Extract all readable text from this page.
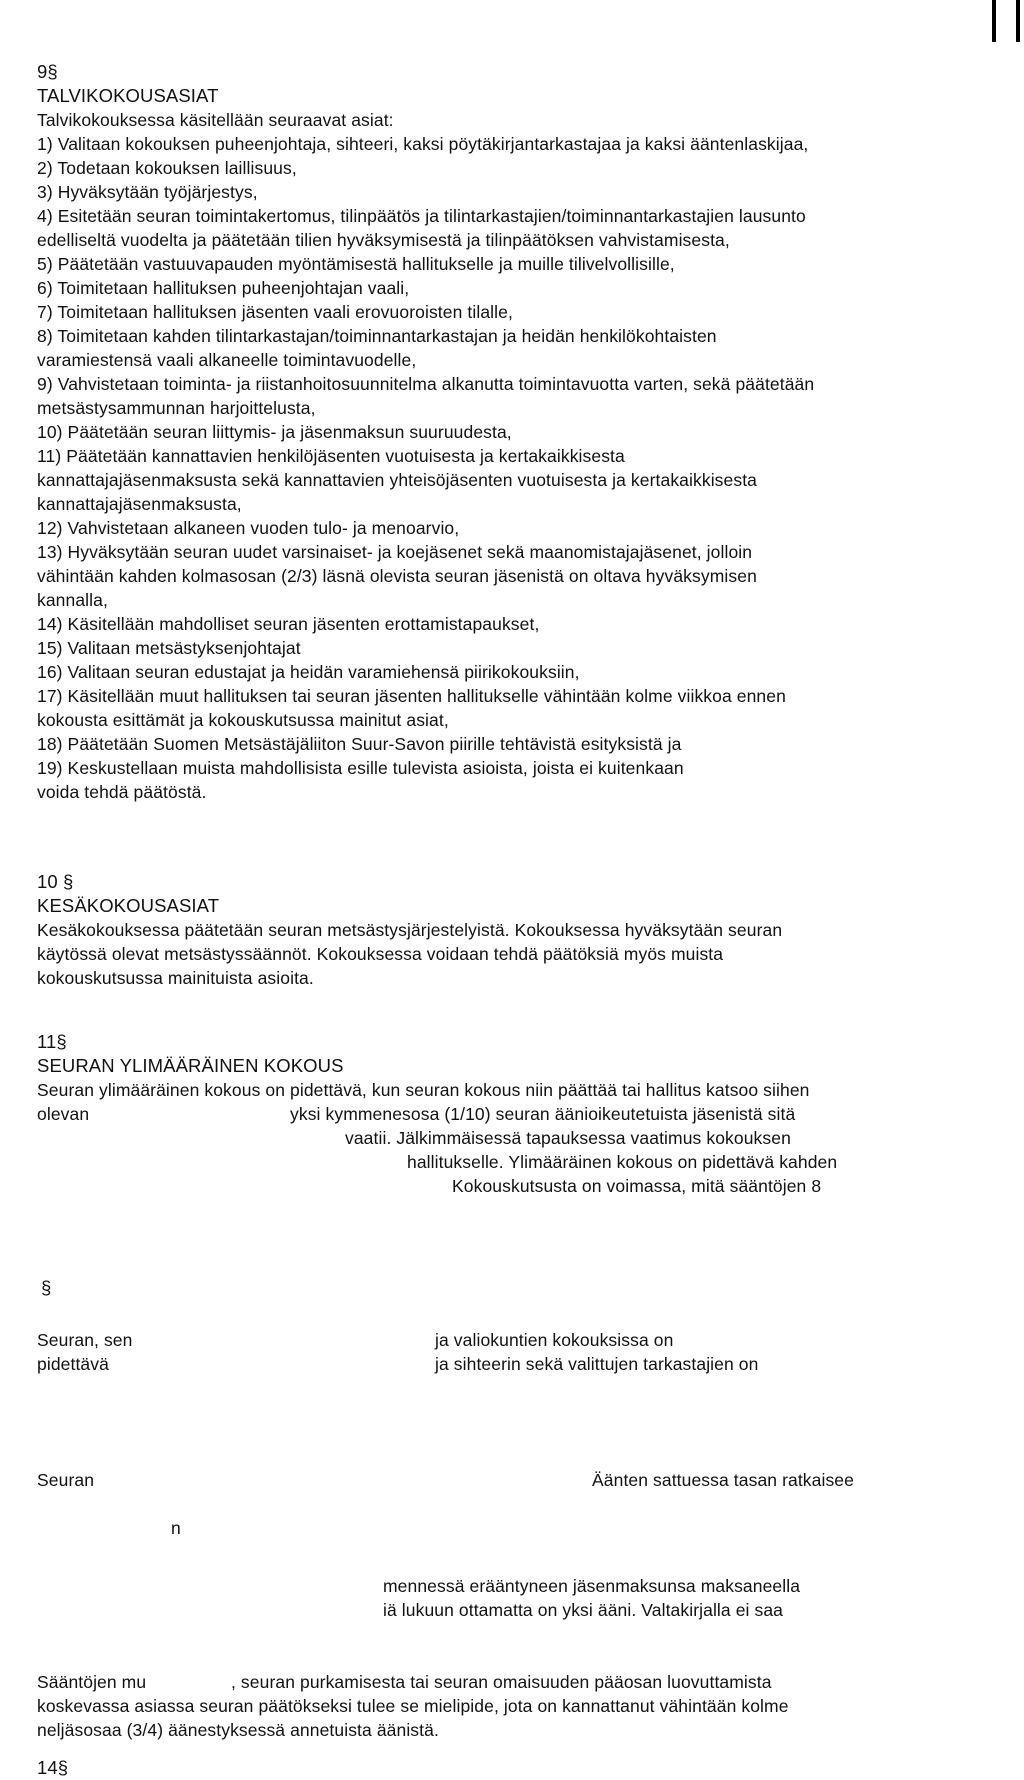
9§
TALVIKOKOUSASIAT
Talvikokouksessa käsitellään seuraavat asiat:
1) Valitaan kokouksen puheenjohtaja, sihteeri, kaksi pöytäkirjantarkastajaa ja kaksi ääntenlaskijaa,
2) Todetaan kokouksen laillisuus,
3) Hyväksytään työjärjestys,
4) Esitetään seuran toimintakertomus, tilinpäätös ja tilintarkastajien/toiminnantarkastajien lausunto
edelliseltä vuodelta ja päätetään tilien hyväksymisestä ja tilinpäätöksen vahvistamisesta,
5) Päätetään vastuuvapauden myöntämisestä hallitukselle ja muille tilivelvollisille,
6) Toimitetaan hallituksen puheenjohtajan vaali,
7) Toimitetaan hallituksen jäsenten vaali erovuoroisten tilalle,
8) Toimitetaan kahden tilintarkastajan/toiminnantarkastajan ja heidän henkilökohtaisten
varamiestensä vaali alkaneelle toimintavuodelle,
9) Vahvistetaan toiminta- ja riistanhoitosuunnitelma alkanutta toimintavuotta varten, sekä päätetään
metsästysammunnan harjoittelusta,
10) Päätetään seuran liittymis- ja jäsenmaksun suuruudesta,
11) Päätetään kannattavien henkilöjäsenten vuotuisesta ja kertakaikkisesta
kannattajajäsenmaksusta sekä kannattavien yhteisöjäsenten vuotuisesta ja kertakaikkisesta
kannattajajäsenmaksusta,
12) Vahvistetaan alkaneen vuoden tulo- ja menoarvio,
13) Hyväksytään seuran uudet varsinaiset- ja koejäsenet sekä maanomistajajäsenet, jolloin
vähintään kahden kolmasosan (2/3) läsnä olevista seuran jäsenistä on oltava hyväksymisen
kannalla,
14) Käsitellään mahdolliset seuran jäsenten erottamistapaukset,
15) Valitaan metsästyksenjohtajat
16) Valitaan seuran edustajat ja heidän varamiehensä piirikokouksiin,
17) Käsitellään muut hallituksen tai seuran jäsenten hallitukselle vähintään kolme viikkoa ennen
kokousta esittämät ja kokouskutsussa mainitut asiat,
18) Päätetään Suomen Metsästäjäliiton Suur-Savon piirille tehtävistä esityksistä ja
19) Keskustellaan muista mahdollisista esille tulevista asioista, joista ei kuitenkaan
voida tehdä päätöstä.
10 §
KESÄKOKOUSASIAT
Kesäkokouksessa päätetään seuran metsästysjärjestelyistä. Kokouksessa hyväksytään seuran
käytössä olevat metsästyssäännöt. Kokouksessa voidaan tehdä päätöksiä myös muista
kokouskutsussa mainituista asioita.
11§
SEURAN YLIMÄÄRÄINEN KOKOUS
Seuran ylimääräinen kokous on pidettävä, kun seuran kokous niin päättää tai hallitus katsoo siihen
olevan	yksi kymmenesosa (1/10) seuran äänioikeutetuista jäsenistä sitä
vaatii. Jälkimmäisessä tapauksessa vaatimus kokouksen
hallitukselle. Ylimääräinen kokous on pidettävä kahden
Kokouskutsusta on voimassa, mitä sääntöjen 8
§
Seuran, sen	ja valiokuntien kokouksissa on
pidettävä	ja sihteerin sekä valittujen tarkastajien on
Seuran	Äänten sattuessa tasan ratkaisee
n
mennessä erääntyneen jäsenmaksunsa maksaneella
iä lukuun ottamatta on yksi ääni. Valtakirjalla ei saa
Sääntöjen mu	, seuran purkamisesta tai seuran omaisuuden pääosan luovuttamista
koskevassa asiassa seuran päätökseksi tulee se mielipide, jota on kannattanut vähintään kolme
neljäsosaa (3/4) äänestyksessä annetuista äänistä.
14§
